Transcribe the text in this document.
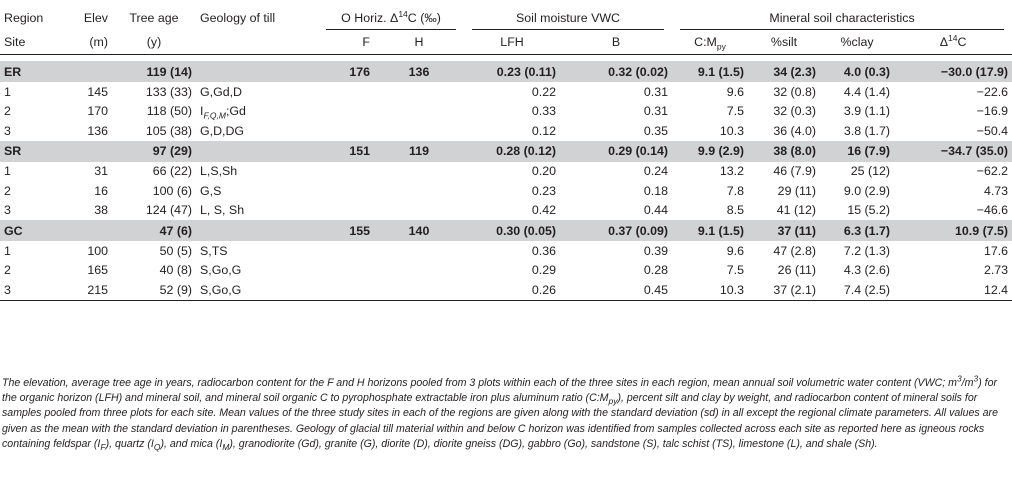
Region	Elev	Tree age	Geology of till	O Horiz. $\Delta^{14}C$ (‰)		Soil moisture VWC		Mineral soil characteristics			
Site	(m)	(y)		F	H	LFH	B	$C:M_{py}$	%silt	%clay	$\Delta^{14}C$

ER		119 (14)		176	136	0.23 (0.11)	0.32 (0.02)	9.1 (1.5)	34 (2.3)	4.0 (0.3)	−30.0 (17.9)
1	145	133 (33)	G,Gd,D			0.22	0.31	9.6	32 (0.8)	4.4 (1.4)	−22.6
2	170	118 (50)	$I_{F,Q,M};Gd$			0.33	0.31	7.5	32 (0.3)	3.9 (1.1)	−16.9
3	136	105 (38)	G,D,DG			0.12	0.35	10.3	36 (4.0)	3.8 (1.7)	−50.4
SR		97 (29)		151	119	0.28 (0.12)	0.29 (0.14)	9.9 (2.9)	38 (8.0)	16 (7.9)	−34.7 (35.0)
1	31	66 (22)	L,S,Sh			0.20	0.24	13.2	46 (7.9)	25 (12)	−62.2
2	16	100 (6)	G,S			0.23	0.18	7.8	29 (11)	9.0 (2.9)	4.73
3	38	124 (47)	L, S, Sh			0.42	0.44	8.5	41 (12)	15 (5.2)	−46.6
GC		47 (6)		155	140	0.30 (0.05)	0.37 (0.09)	9.1 (1.5)	37 (11)	6.3 (1.7)	10.9 (7.5)
1	100	50 (5)	S,TS			0.36	0.39	9.6	47 (2.8)	7.2 (1.3)	17.6
2	165	40 (8)	S,Go,G			0.29	0.28	7.5	26 (11)	4.3 (2.6)	2.73
3	215	52 (9)	S,Go,G			0.26	0.45	10.3	37 (2.1)	7.4 (2.5)	12.4
The elevation, average tree age in years, radiocarbon content for the F and H horizons pooled from 3 plots within each of the three sites in each region, mean annual soil volumetric water content (VWC; $m^3/m^3$) for the organic horizon (LFH) and mineral soil, and mineral soil organic C to pyrophosphate extractable iron plus aluminum ratio $(C:M_{py})$, percent silt and clay by weight, and radiocarbon content of mineral soils for samples pooled from three plots for each site. Mean values of the three study sites in each of the regions are given along with the standard deviation (sd) in all except the regional climate parameters. All values are given as the mean with the standard deviation in parentheses. Geology of glacial till material within and below C horizon was identified from samples collected across each site as reported here as igneous rocks containing feldspar $(I_F)$, quartz $(I_Q)$, and mica $(I_M)$, granodiorite (Gd), granite (G), diorite (D), diorite gneiss (DG), gabbro (Go), sandstone (S), talc schist (TS), limestone (L), and shale (Sh).
